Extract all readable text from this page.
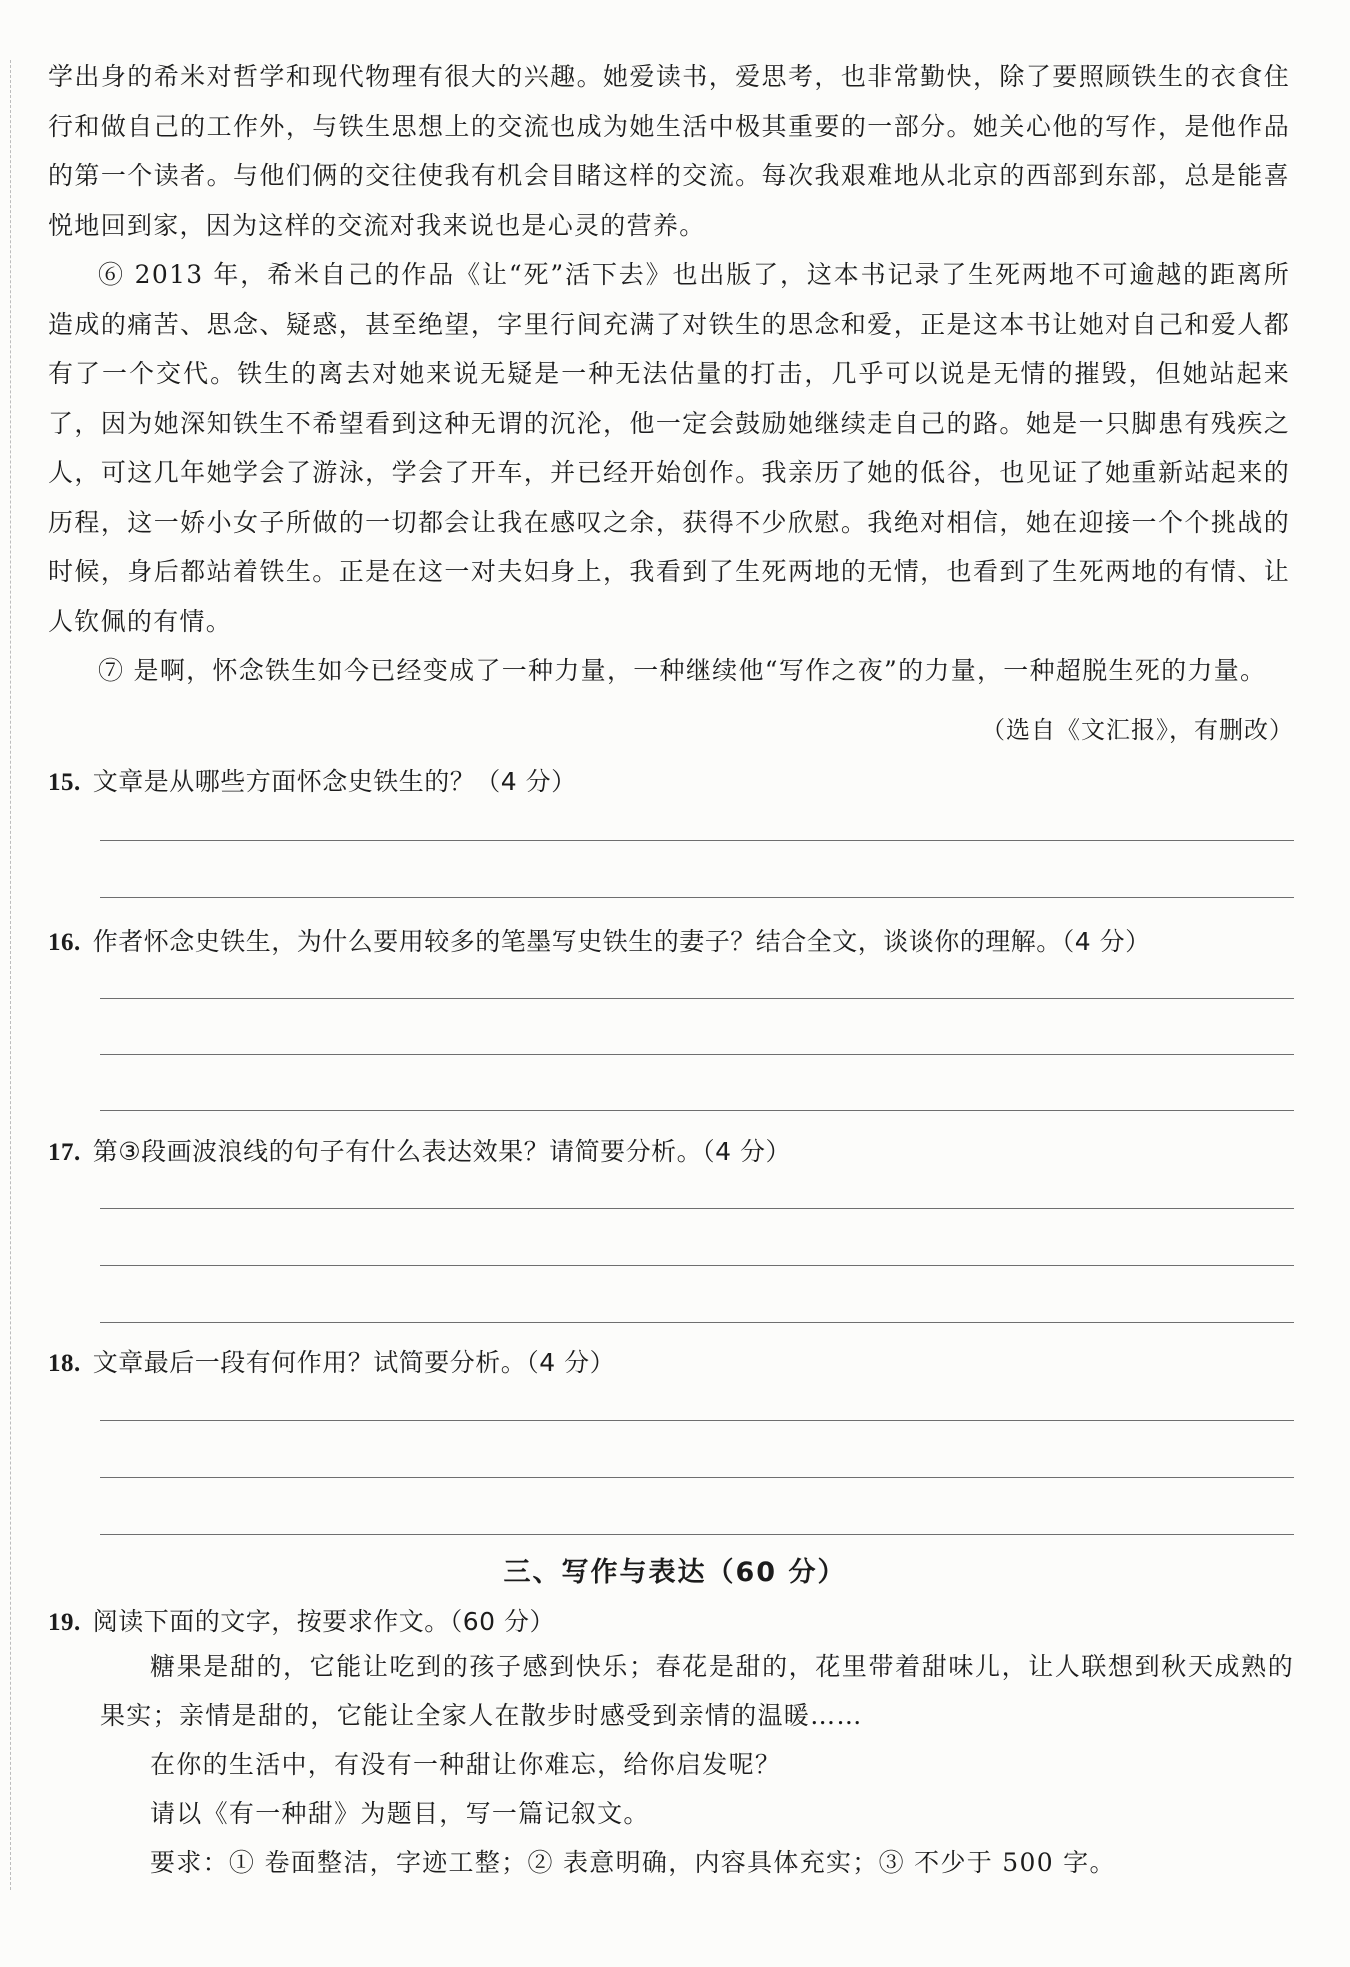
学出身的希米对哲学和现代物理有很大的兴趣。她爱读书，爱思考，也非常勤快，除了要照顾铁生的衣食住行和做自己的工作外，与铁生思想上的交流也成为她生活中极其重要的一部分。她关心他的写作，是他作品的第一个读者。与他们俩的交往使我有机会目睹这样的交流。每次我艰难地从北京的西部到东部，总是能喜悦地回到家，因为这样的交流对我来说也是心灵的营养。

⑥ 2013 年，希米自己的作品《让“死”活下去》也出版了，这本书记录了生死两地不可逾越的距离所造成的痛苦、思念、疑惑，甚至绝望，字里行间充满了对铁生的思念和爱，正是这本书让她对自己和爱人都有了一个交代。铁生的离去对她来说无疑是一种无法估量的打击，几乎可以说是无情的摧毁，但她站起来了，因为她深知铁生不希望看到这种无谓的沉沦，他一定会鼓励她继续走自己的路。她是一只脚患有残疾之人，可这几年她学会了游泳，学会了开车，并已经开始创作。我亲历了她的低谷，也见证了她重新站起来的历程，这一娇小女子所做的一切都会让我在感叹之余，获得不少欣慰。我绝对相信，她在迎接一个个挑战的时候，身后都站着铁生。正是在这一对夫妇身上，我看到了生死两地的无情，也看到了生死两地的有情、让人钦佩的有情。

⑦ 是啊，怀念铁生如今已经变成了一种力量，一种继续他“写作之夜”的力量，一种超脱生死的力量。

（选自《文汇报》，有删改）
15. 文章是从哪些方面怀念史铁生的？（4 分）
16. 作者怀念史铁生，为什么要用较多的笔墨写史铁生的妻子？结合全文，谈谈你的理解。（4 分）
17. 第③段画波浪线的句子有什么表达效果？请简要分析。（4 分）
18. 文章最后一段有何作用？试简要分析。（4 分）
三、写作与表达（60 分）
19. 阅读下面的文字，按要求作文。（60 分）

糖果是甜的，它能让吃到的孩子感到快乐；春花是甜的，花里带着甜味儿，让人联想到秋天成熟的果实；亲情是甜的，它能让全家人在散步时感受到亲情的温暖……

在你的生活中，有没有一种甜让你难忘，给你启发呢？

请以《有一种甜》为题目，写一篇记叙文。

要求：① 卷面整洁，字迹工整；② 表意明确，内容具体充实；③ 不少于 500 字。
